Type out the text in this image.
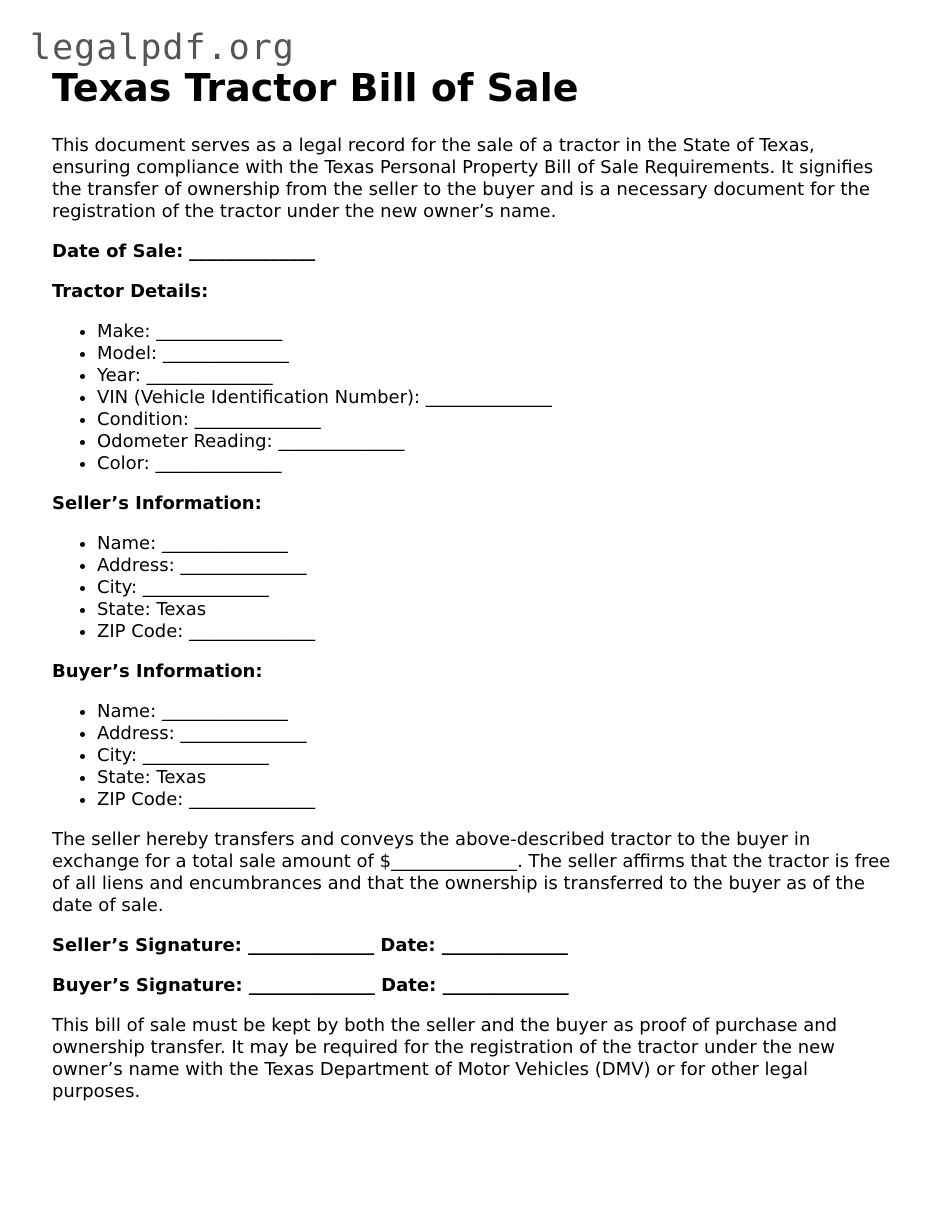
legalpdf.org
Texas Tractor Bill of Sale

This document serves as a legal record for the sale of a tractor in the State of Texas, ensuring compliance with the Texas Personal Property Bill of Sale Requirements. It signifies the transfer of ownership from the seller to the buyer and is a necessary document for the registration of the tractor under the new owner’s name.

Date of Sale: ______________

Tractor Details:

• Make: ______________
• Model: ______________
• Year: ______________
• VIN (Vehicle Identification Number): ______________
• Condition: ______________
• Odometer Reading: ______________
• Color: ______________

Seller’s Information:

• Name: ______________
• Address: ______________
• City: ______________
• State: Texas
• ZIP Code: ______________

Buyer’s Information:

• Name: ______________
• Address: ______________
• City: ______________
• State: Texas
• ZIP Code: ______________

The seller hereby transfers and conveys the above-described tractor to the buyer in exchange for a total sale amount of $______________. The seller affirms that the tractor is free of all liens and encumbrances and that the ownership is transferred to the buyer as of the date of sale.

Seller’s Signature: ______________ Date: ______________

Buyer’s Signature: ______________ Date: ______________

This bill of sale must be kept by both the seller and the buyer as proof of purchase and ownership transfer. It may be required for the registration of the tractor under the new owner’s name with the Texas Department of Motor Vehicles (DMV) or for other legal purposes.
